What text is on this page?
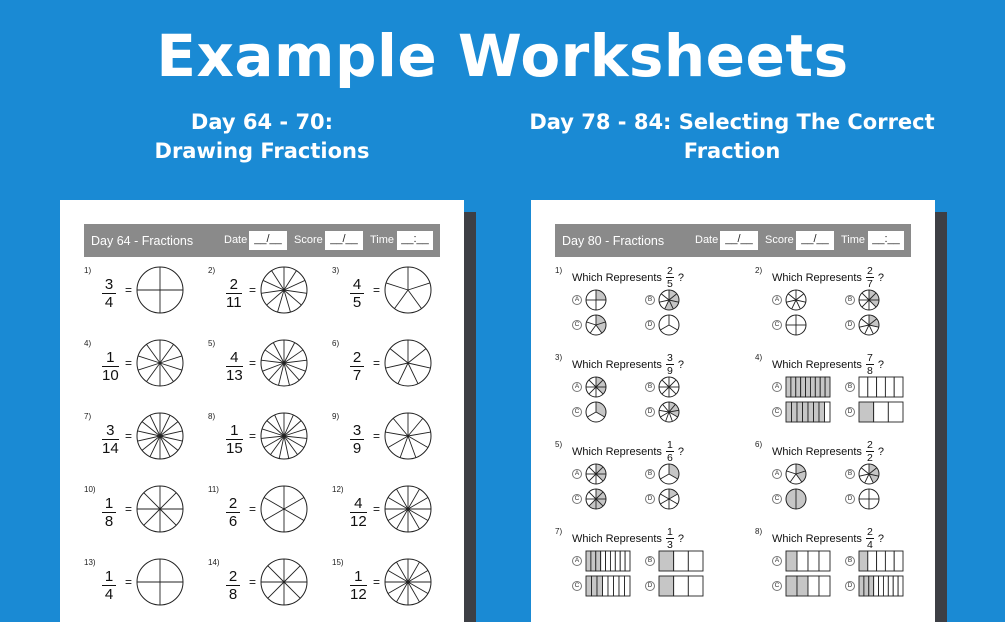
Example Worksheets
Day 64 - 70:
Drawing Fractions
Day 78 - 84: Selecting The Correct
Fraction
Day 64 - Fractions	Date __/__	Score __/__	Time __:__
1)
3
4
=
2)
2
11
=
3)
4
5
=
4)
1
10
=
5)
4
13
=
6)
2
7
=
7)
3
14
=
8)
1
15
=
9)
3
9
=
10)
1
8
=
11)
2
6
=
12)
4
12
=
13)
1
4
=
14)
2
8
=
15)
1
12
=
Day 80 - Fractions	Date __/__	Score __/__	Time __:__
1)
Which Represents $\frac{2}{5}$ ?
A	B
C	D
2)
Which Represents $\frac{2}{7}$ ?
A	B
C	D
3)
Which Represents $\frac{3}{9}$ ?
A	B
C	D
4)
Which Represents $\frac{7}{8}$ ?
A	B
C	D
5)
Which Represents $\frac{1}{6}$ ?
A	B
C	D
6)
Which Represents $\frac{2}{2}$ ?
A	B
C	D
7)
Which Represents $\frac{1}{3}$ ?
A	B
C	D
8)
Which Represents $\frac{2}{4}$ ?
A	B
C	D
